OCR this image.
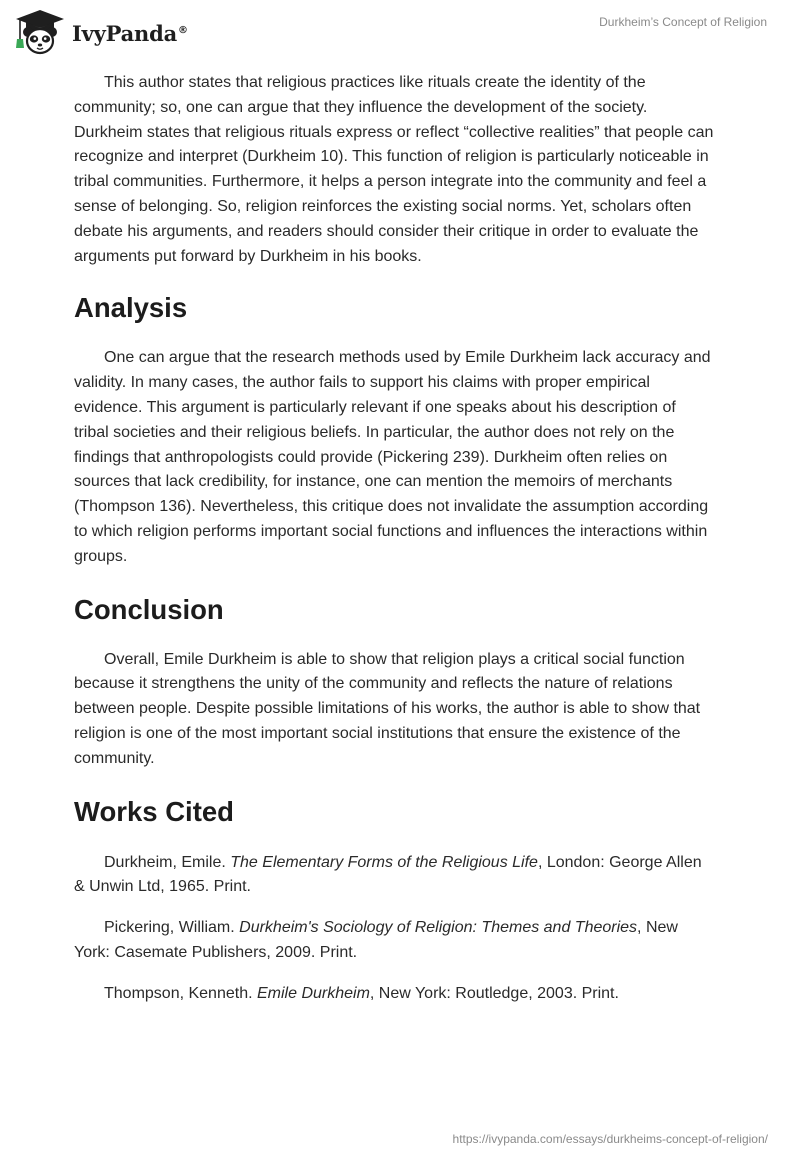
IvyPanda®
Durkheim’s Concept of Religion

This author states that religious practices like rituals create the identity of the community; so, one can argue that they influence the development of the society. Durkheim states that religious rituals express or reflect “collective realities” that people can recognize and interpret (Durkheim 10). This function of religion is particularly noticeable in tribal communities. Furthermore, it helps a person integrate into the community and feel a sense of belonging. So, religion reinforces the existing social norms. Yet, scholars often debate his arguments, and readers should consider their critique in order to evaluate the arguments put forward by Durkheim in his books.

Analysis

One can argue that the research methods used by Emile Durkheim lack accuracy and validity. In many cases, the author fails to support his claims with proper empirical evidence. This argument is particularly relevant if one speaks about his description of tribal societies and their religious beliefs. In particular, the author does not rely on the findings that anthropologists could provide (Pickering 239). Durkheim often relies on sources that lack credibility, for instance, one can mention the memoirs of merchants (Thompson 136). Nevertheless, this critique does not invalidate the assumption according to which religion performs important social functions and influences the interactions within groups.

Conclusion

Overall, Emile Durkheim is able to show that religion plays a critical social function because it strengthens the unity of the community and reflects the nature of relations between people. Despite possible limitations of his works, the author is able to show that religion is one of the most important social institutions that ensure the existence of the community.

Works Cited

Durkheim, Emile. The Elementary Forms of the Religious Life, London: George Allen & Unwin Ltd, 1965. Print.

Pickering, William. Durkheim's Sociology of Religion: Themes and Theories, New York: Casemate Publishers, 2009. Print.

Thompson, Kenneth. Emile Durkheim, New York: Routledge, 2003. Print.

https://ivypanda.com/essays/durkheims-concept-of-religion/
